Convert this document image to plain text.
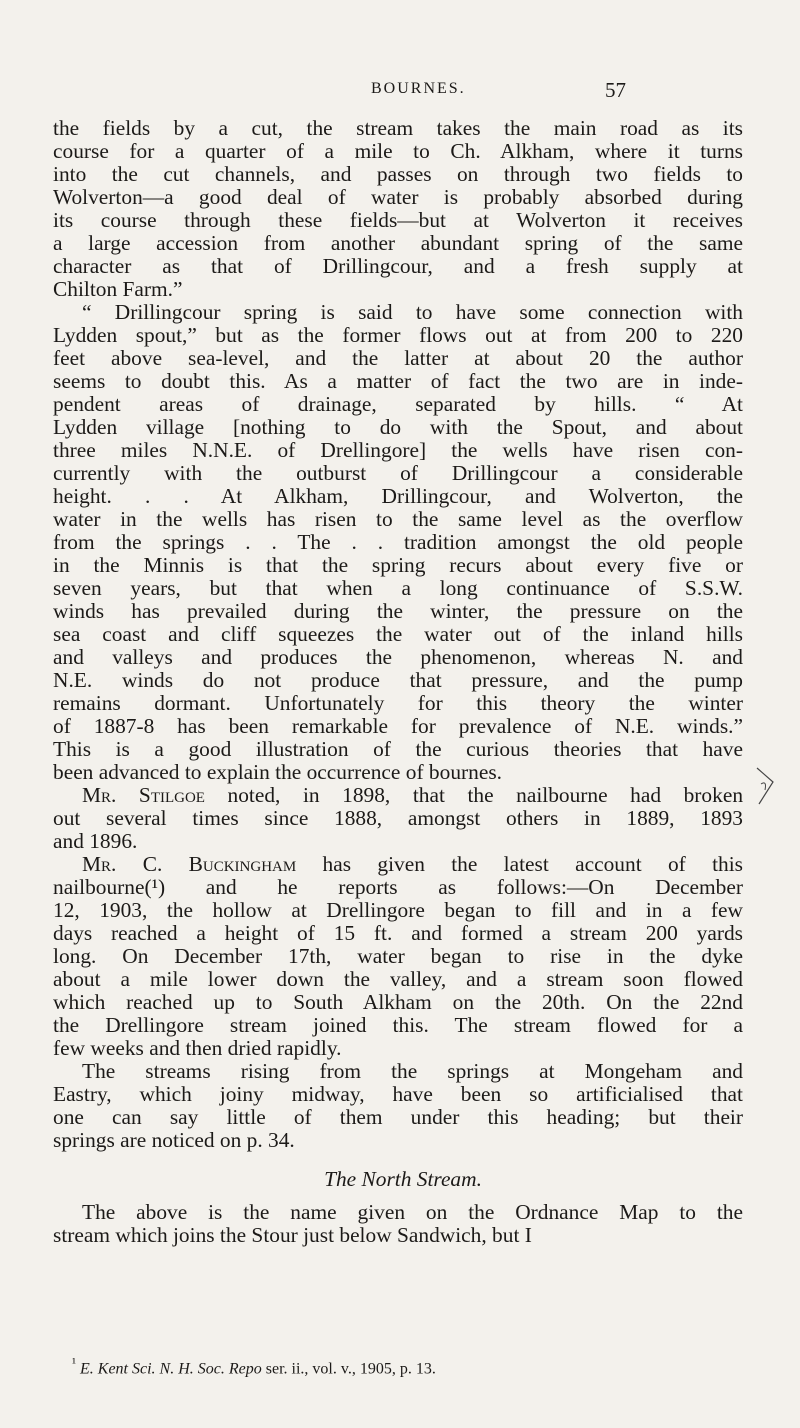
BOURNES.	57
the fields by a cut, the stream takes the main road as its
course for a quarter of a mile to Ch. Alkham, where it turns
into the cut channels, and passes on through two fields to
Wolverton—a good deal of water is probably absorbed during
its course through these fields—but at Wolverton it receives
a large accession from another abundant spring of the same
character as that of Drillingcour, and a fresh supply at
Chilton Farm.”
“ Drillingcour spring is said to have some connection with
Lydden spout,” but as the former flows out at from 200 to 220
feet above sea-level, and the latter at about 20 the author
seems to doubt this. As a matter of fact the two are in inde-
pendent areas of drainage, separated by hills. “ At
Lydden village [nothing to do with the Spout, and about
three miles N.N.E. of Drellingore] the wells have risen con-
currently with the outburst of Drillingcour a considerable
height. . . At Alkham, Drillingcour, and Wolverton, the
water in the wells has risen to the same level as the overflow
from the springs . . The . . tradition amongst the old people
in the Minnis is that the spring recurs about every five or
seven years, but that when a long continuance of S.S.W.
winds has prevailed during the winter, the pressure on the
sea coast and cliff squeezes the water out of the inland hills
and valleys and produces the phenomenon, whereas N. and
N.E. winds do not produce that pressure, and the pump
remains dormant. Unfortunately for this theory the winter
of 1887-8 has been remarkable for prevalence of N.E. winds.”
This is a good illustration of the curious theories that have
been advanced to explain the occurrence of bournes.
Mr. Stilgoe noted, in 1898, that the nailbourne had broken
out several times since 1888, amongst others in 1889, 1893
and 1896.
Mr. C. Buckingham has given the latest account of this
nailbourne(¹) and he reports as follows:—On December
12, 1903, the hollow at Drellingore began to fill and in a few
days reached a height of 15 ft. and formed a stream 200 yards
long. On December 17th, water began to rise in the dyke
about a mile lower down the valley, and a stream soon flowed
which reached up to South Alkham on the 20th. On the 22nd
the Drellingore stream joined this. The stream flowed for a
few weeks and then dried rapidly.
The streams rising from the springs at Mongeham and
Eastry, which joiny midway, have been so artificialised that
one can say little of them under this heading; but their
springs are noticed on p. 34.
The North Stream.
The above is the name given on the Ordnance Map to the
stream which joins the Stour just below Sandwich, but I
$^{^1}$ E. Kent Sci. N. H. Soc. Repo ser. ii., vol. v., 1905, p. 13.
